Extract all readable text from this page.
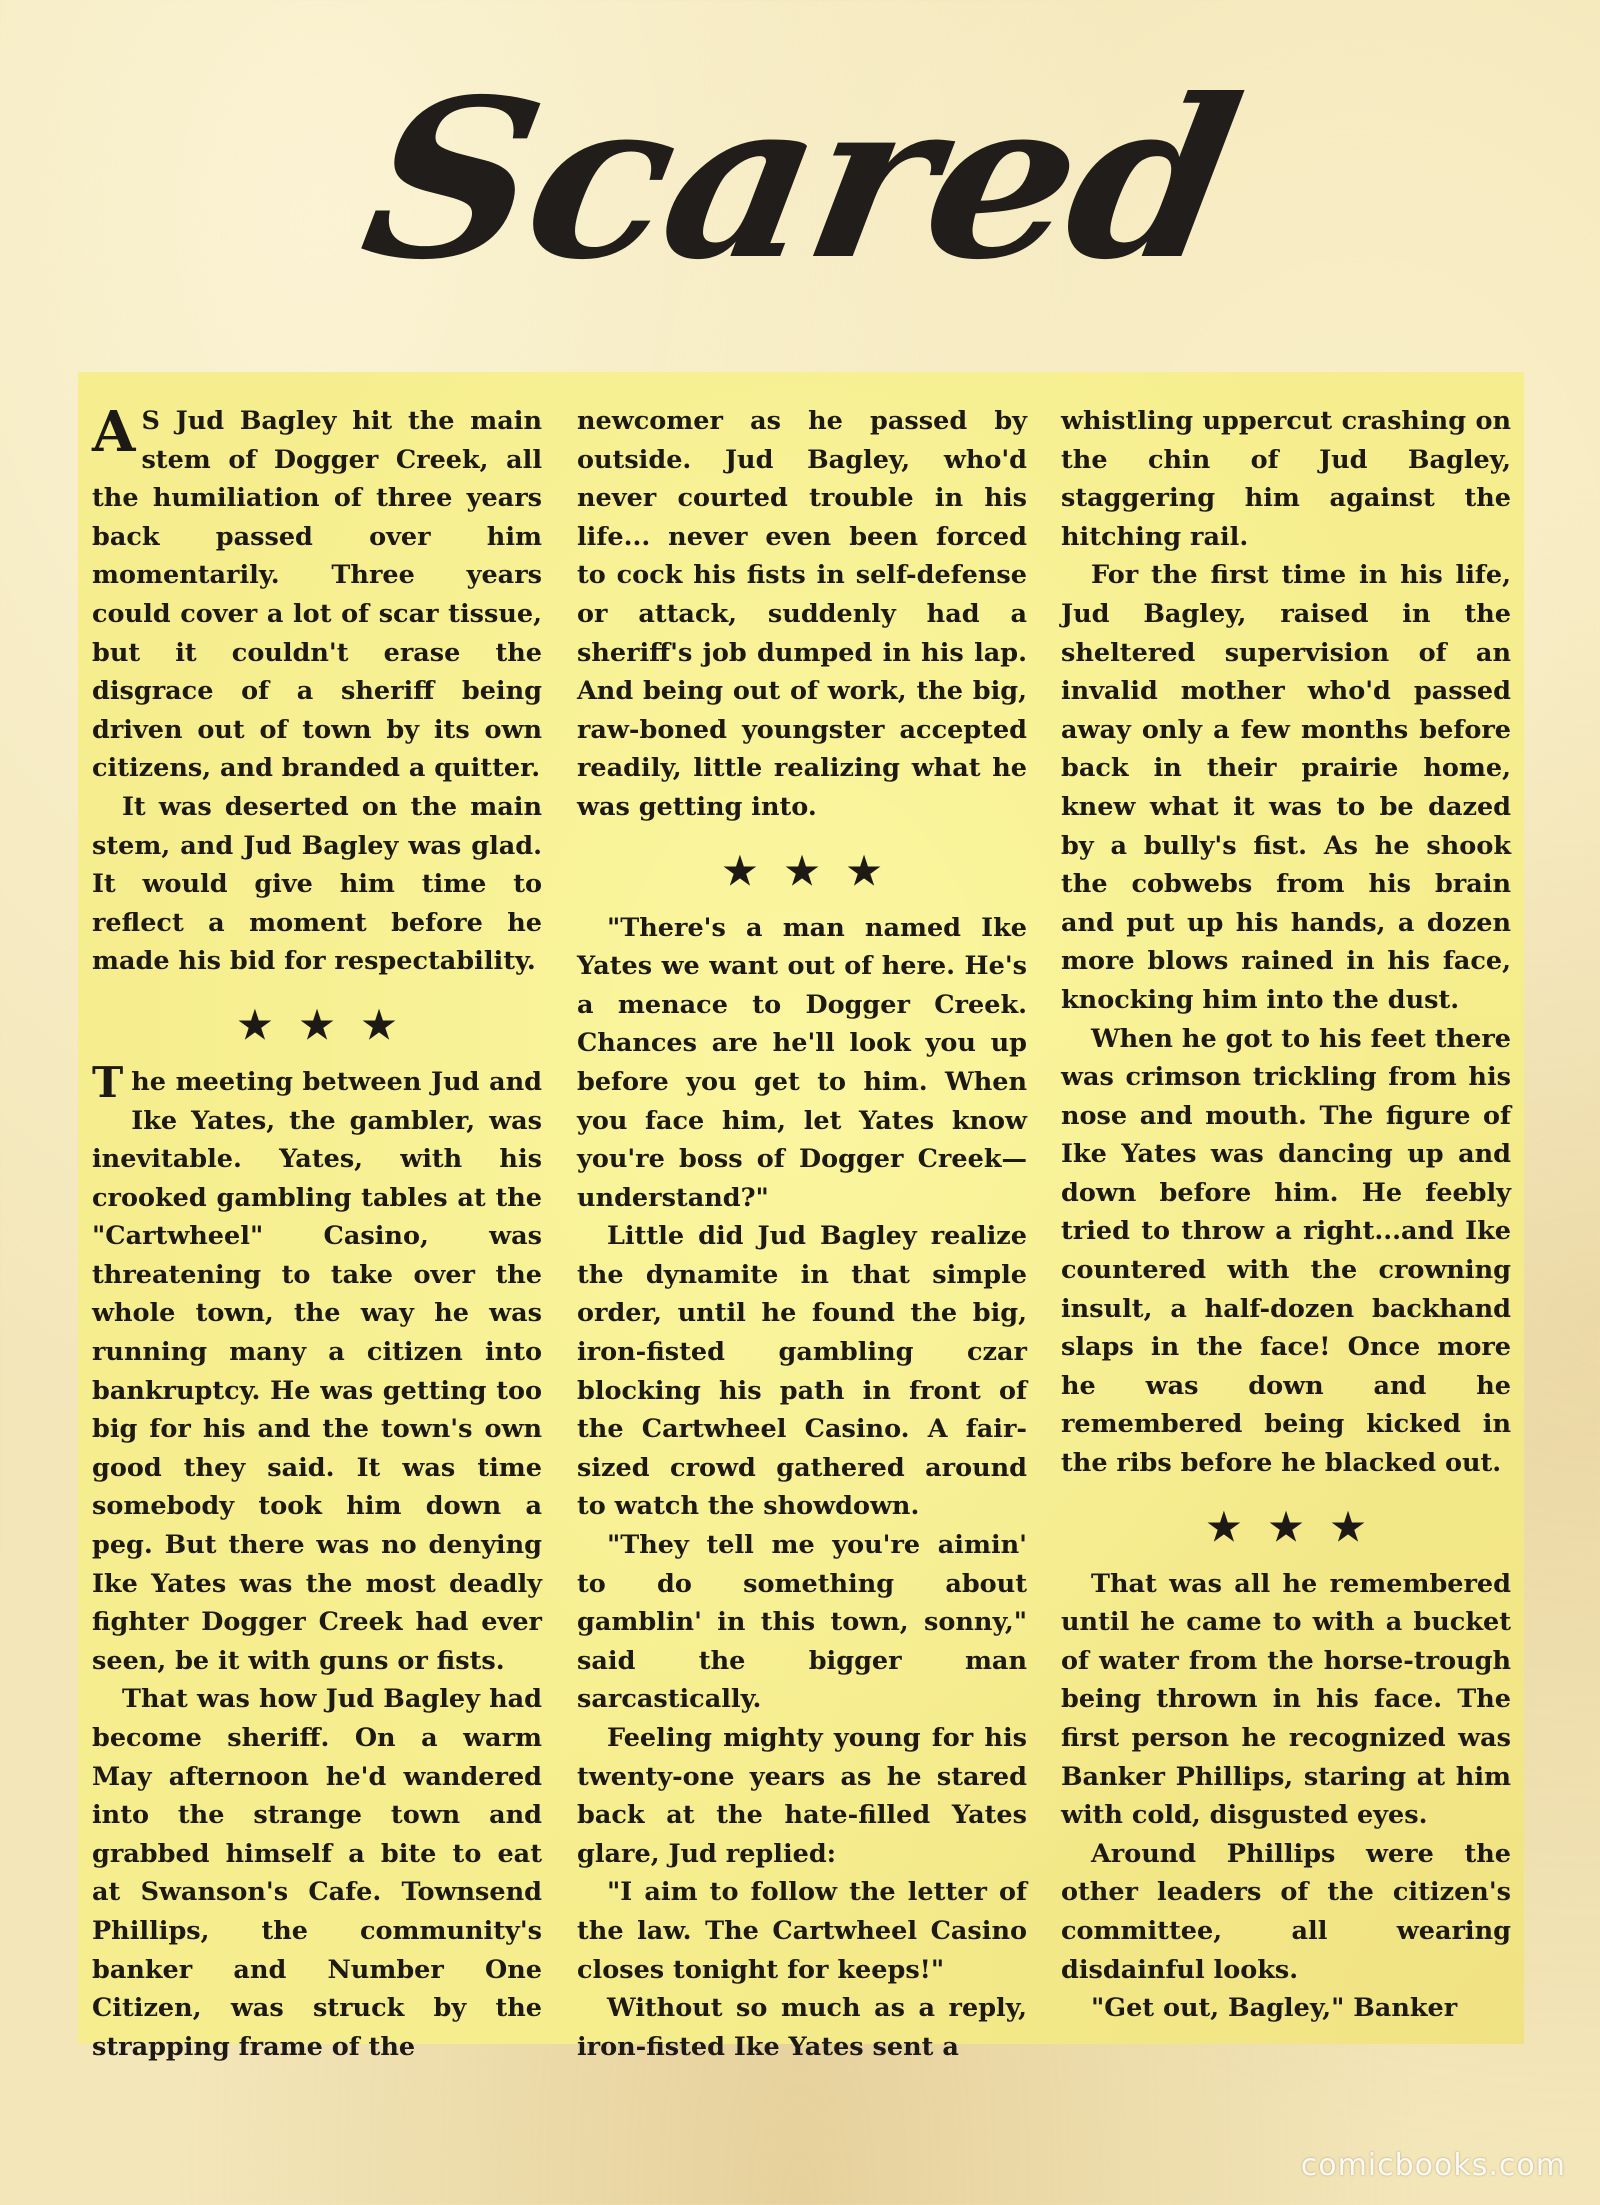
Scared

A S Jud Bagley hit the main stem of Dogger Creek, all the humiliation of three years back passed over him momentarily. Three years could cover a lot of scar tissue, but it couldn't erase the disgrace of a sheriff being driven out of town by its own citizens, and branded a quitter.

It was deserted on the main stem, and Jud Bagley was glad. It would give him time to reflect a moment before he made his bid for respectability.

★★★

The meeting between Jud and Ike Yates, the gambler, was inevitable. Yates, with his crooked gambling tables at the "Cartwheel" Casino, was threatening to take over the whole town, the way he was running many a citizen into bankruptcy. He was getting too big for his and the town's own good they said. It was time somebody took him down a peg. But there was no denying Ike Yates was the most deadly fighter Dogger Creek had ever seen, be it with guns or fists.

That was how Jud Bagley had become sheriff. On a warm May afternoon he'd wandered into the strange town and grabbed himself a bite to eat at Swanson's Cafe. Townsend Phillips, the community's banker and Number One Citizen, was struck by the strapping frame of the

newcomer as he passed by outside. Jud Bagley, who'd never courted trouble in his life... never even been forced to cock his fists in self-defense or attack, suddenly had a sheriff's job dumped in his lap. And being out of work, the big, raw-boned youngster accepted readily, little realizing what he was getting into.

★★★

"There's a man named Ike Yates we want out of here. He's a menace to Dogger Creek. Chances are he'll look you up before you get to him. When you face him, let Yates know you're boss of Dogger Creek—understand?"

Little did Jud Bagley realize the dynamite in that simple order, until he found the big, iron-fisted gambling czar blocking his path in front of the Cartwheel Casino. A fair-sized crowd gathered around to watch the showdown.

"They tell me you're aimin' to do something about gamblin' in this town, sonny," said the bigger man sarcastically.

Feeling mighty young for his twenty-one years as he stared back at the hate-filled Yates glare, Jud replied:

"I aim to follow the letter of the law. The Cartwheel Casino closes tonight for keeps!"

Without so much as a reply, iron-fisted Ike Yates sent a

whistling uppercut crashing on the chin of Jud Bagley, staggering him against the hitching rail.

For the first time in his life, Jud Bagley, raised in the sheltered supervision of an invalid mother who'd passed away only a few months before back in their prairie home, knew what it was to be dazed by a bully's fist. As he shook the cobwebs from his brain and put up his hands, a dozen more blows rained in his face, knocking him into the dust.

When he got to his feet there was crimson trickling from his nose and mouth. The figure of Ike Yates was dancing up and down before him. He feebly tried to throw a right...and Ike countered with the crowning insult, a half-dozen backhand slaps in the face! Once more he was down and he remembered being kicked in the ribs before he blacked out.

★★★

That was all he remembered until he came to with a bucket of water from the horse-trough being thrown in his face. The first person he recognized was Banker Phillips, staring at him with cold, disgusted eyes.

Around Phillips were the other leaders of the citizen's committee, all wearing disdainful looks.

"Get out, Bagley," Banker

comicbooks.com
